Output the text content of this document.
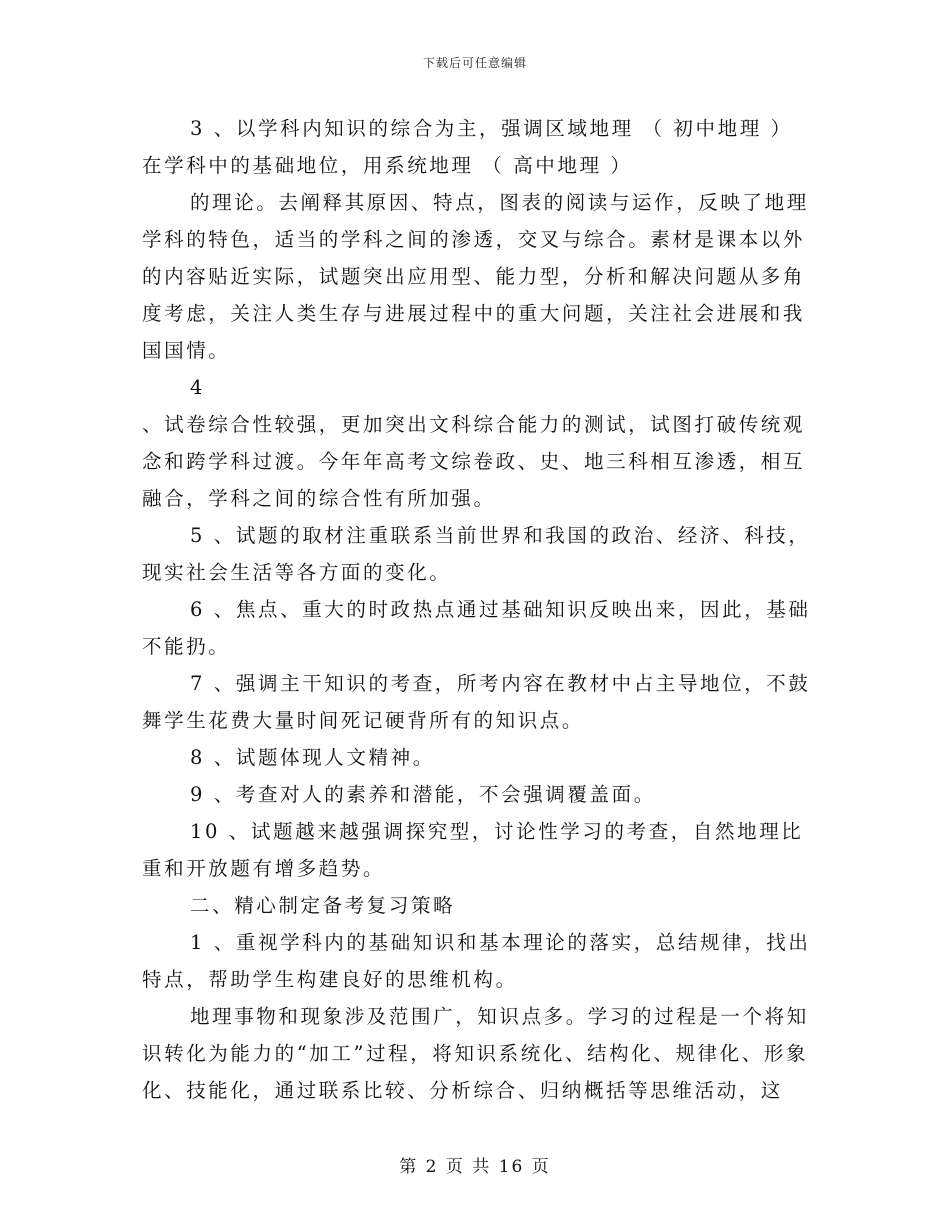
下载后可任意编辑

3 、以学科内知识的综合为主，强调区域地理 （ 初中地理 ） 在学科中的基础地位，用系统地理 （ 高中地理 ）

的理论。去阐释其原因、特点，图表的阅读与运作，反映了地理学科的特色，适当的学科之间的渗透，交叉与综合。素材是课本以外的内容贴近实际，试题突出应用型、能力型，分析和解决问题从多角度考虑，关注人类生存与进展过程中的重大问题，关注社会进展和我国国情。

4

、试卷综合性较强，更加突出文科综合能力的测试，试图打破传统观念和跨学科过渡。今年年高考文综卷政、史、地三科相互渗透，相互融合，学科之间的综合性有所加强。

5 、试题的取材注重联系当前世界和我国的政治、经济、科技，现实社会生活等各方面的变化。

6 、焦点、重大的时政热点通过基础知识反映出来，因此，基础不能扔。

7 、强调主干知识的考查，所考内容在教材中占主导地位，不鼓舞学生花费大量时间死记硬背所有的知识点。

8 、试题体现人文精神。

9 、考查对人的素养和潜能，不会强调覆盖面。

10 、试题越来越强调探究型，讨论性学习的考查，自然地理比重和开放题有增多趋势。

二、精心制定备考复习策略

1 、重视学科内的基础知识和基本理论的落实，总结规律，找出特点，帮助学生构建良好的思维机构。

地理事物和现象涉及范围广，知识点多。学习的过程是一个将知识转化为能力的“加工”过程，将知识系统化、结构化、规律化、形象化、技能化，通过联系比较、分析综合、归纳概括等思维活动，这

第 2 页 共 16 页
